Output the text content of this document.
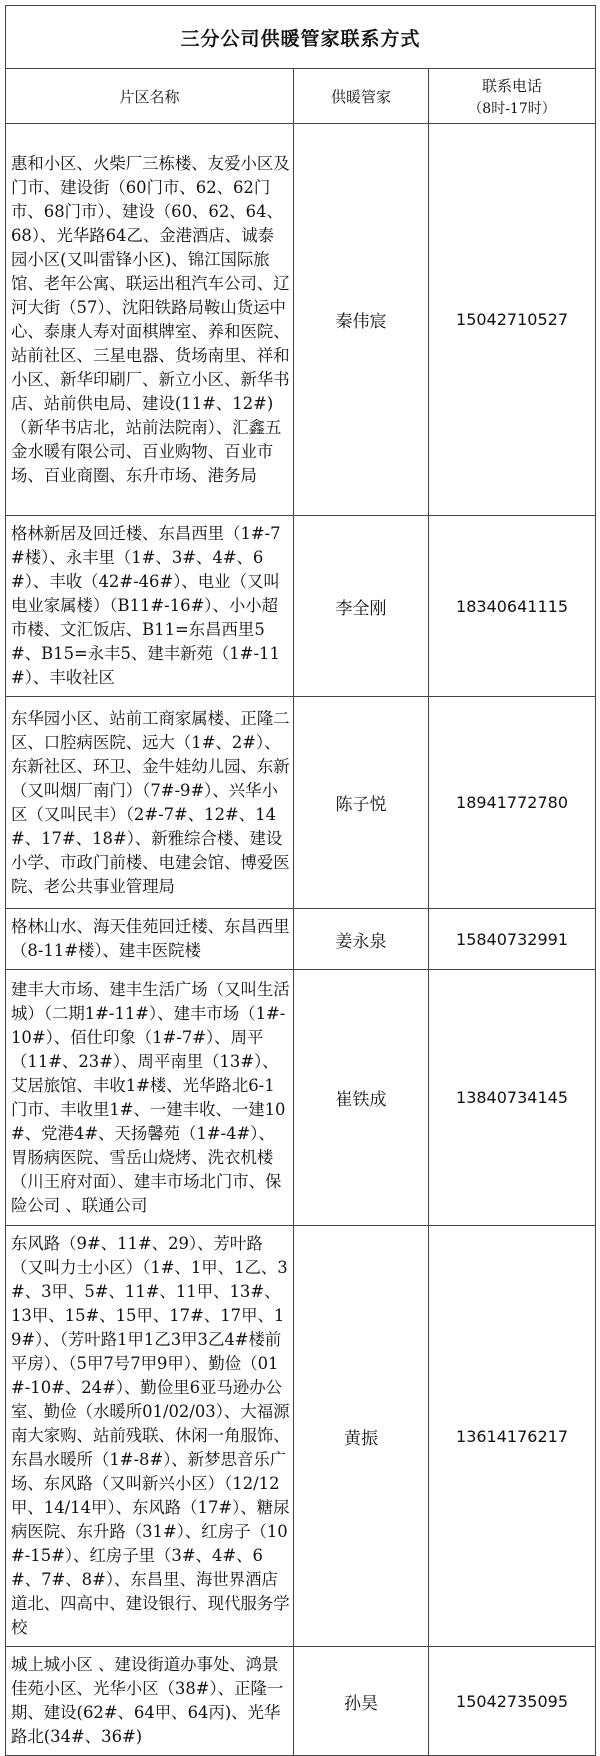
三分公司供暖管家联系方式		
片区名称	供暖管家	联系电话
（8时-17时）

惠和小区、火柴厂三栋楼、友爱小区及门市、建设街（60门市、62、62门市、68门市）、建设（60、62、64、68）、光华路64乙、金港酒店、诚泰园小区(又叫雷锋小区)、锦江国际旅馆、老年公寓、联运出租汽车公司、辽河大街（57）、沈阳铁路局鞍山货运中心、泰康人寿对面棋牌室、养和医院、站前社区、三星电器、货场南里、祥和小区、新华印刷厂、新立小区、新华书店、站前供电局、建设(11#、12#)（新华书店北，站前法院南）、汇鑫五金水暖有限公司、百业购物、百业市场、百业商圈、东升市场、港务局	秦伟宸	15042710527
格林新居及回迁楼、东昌西里（1#-7#楼）、永丰里（1#、3#、4#、6#）、丰收（42#-46#）、电业（又叫电业家属楼）（B11#-16#）、小小超市楼、文汇饭店、B11=东昌西里5#、B15=永丰5、建丰新苑（1#-11#）、丰收社区	李全刚	18340641115
东华园小区、站前工商家属楼、正隆二区、口腔病医院、远大（1#、2#）、东新社区、环卫、金牛娃幼儿园、东新（又叫烟厂南门）（7#-9#）、兴华小区（又叫民丰）（2#-7#、12#、14#、17#、18#）、新雅综合楼、建设小学、市政门前楼、电建会馆、博爱医院、老公共事业管理局	陈子悦	18941772780
格林山水、海天佳苑回迁楼、东昌西里（8-11#楼）、建丰医院楼	姜永泉	15840732991
建丰大市场、建丰生活广场（又叫生活城）（二期1#-11#）、建丰市场（1#-10#）、佰仕印象（1#-7#）、周平（11#、23#）、周平南里（13#）、艾居旅馆、丰收1#楼、光华路北6-1门市、丰收里1#、一建丰收、一建10#、党港4#、天扬馨苑（1#-4#）、胃肠病医院、雪岳山烧烤、洗衣机楼（川王府对面）、建丰市场北门市、保险公司 、联通公司	崔铁成	13840734145
东风路（9#、11#、29）、芳叶路（又叫力士小区）（1#、1甲、1乙、3#、3甲、5#、11#、11甲、13#、13甲、15#、15甲、17#、17甲、19#）、（芳叶路1甲1乙3甲3乙4#楼前平房）、（5甲7号7甲9甲）、勤俭（01#-10#、24#）、勤俭里6亚马逊办公室、勤俭（水暖所01/02/03）、大福源南大家购、站前残联、休闲一角服饰、东昌水暖所（1#-8#）、新梦思音乐广场、东风路（又叫新兴小区）（12/12甲、14/14甲）、东风路（17#）、糖尿病医院、东升路（31#）、红房子（10#-15#）、红房子里（3#、4#、6#、7#、8#）、东昌里、海世界酒店道北、四高中、建设银行、现代服务学校	黄振	13614176217
城上城小区 、建设街道办事处、鸿景佳苑小区、光华小区（38#）、正隆一期、建设(62#、64甲、64丙)、光华路北(34#、36#)	孙昊	15042735095
